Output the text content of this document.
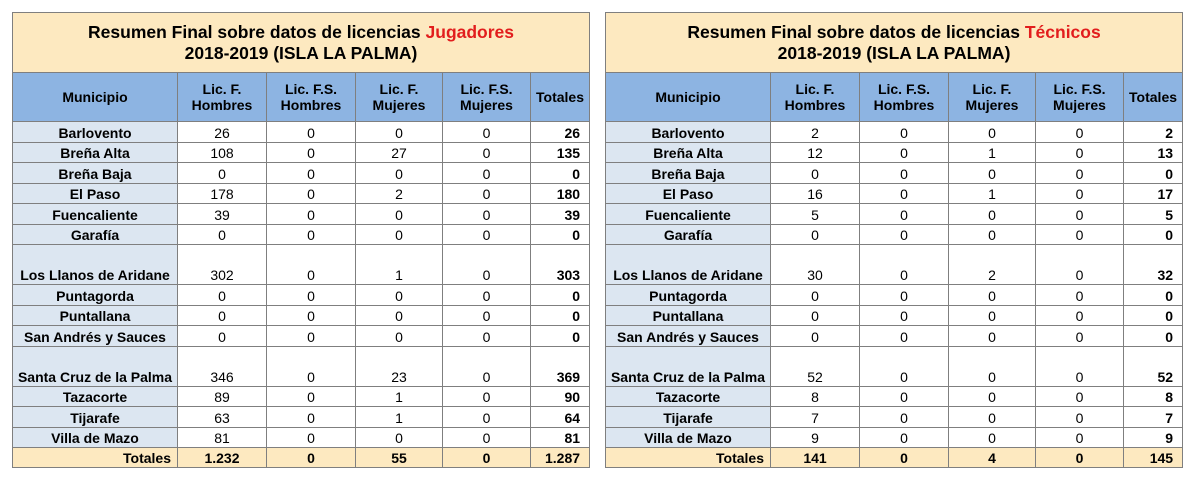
Resumen Final sobre datos de licencias Jugadores
2018-2019 (ISLA LA PALMA)					
Municipio	Lic. F. Hombres	Lic. F.S. Hombres	Lic. F. Mujeres	Lic. F.S. Mujeres	Totales
Barlovento	26	0	0	0	26
Breña Alta	108	0	27	0	135
Breña Baja	0	0	0	0	0
El Paso	178	0	2	0	180
Fuencaliente	39	0	0	0	39
Garafía	0	0	0	0	0
Los Llanos de Aridane	302	0	1	0	303
Puntagorda	0	0	0	0	0
Puntallana	0	0	0	0	0
San Andrés y Sauces	0	0	0	0	0
Santa Cruz de la Palma	346	0	23	0	369
Tazacorte	89	0	1	0	90
Tijarafe	63	0	1	0	64
Villa de Mazo	81	0	0	0	81
Totales	1.232	0	55	0	1.287
Resumen Final sobre datos de licencias Técnicos
2018-2019 (ISLA LA PALMA)					
Municipio	Lic. F. Hombres	Lic. F.S. Hombres	Lic. F. Mujeres	Lic. F.S. Mujeres	Totales
Barlovento	2	0	0	0	2
Breña Alta	12	0	1	0	13
Breña Baja	0	0	0	0	0
El Paso	16	0	1	0	17
Fuencaliente	5	0	0	0	5
Garafía	0	0	0	0	0
Los Llanos de Aridane	30	0	2	0	32
Puntagorda	0	0	0	0	0
Puntallana	0	0	0	0	0
San Andrés y Sauces	0	0	0	0	0
Santa Cruz de la Palma	52	0	0	0	52
Tazacorte	8	0	0	0	8
Tijarafe	7	0	0	0	7
Villa de Mazo	9	0	0	0	9
Totales	141	0	4	0	145
